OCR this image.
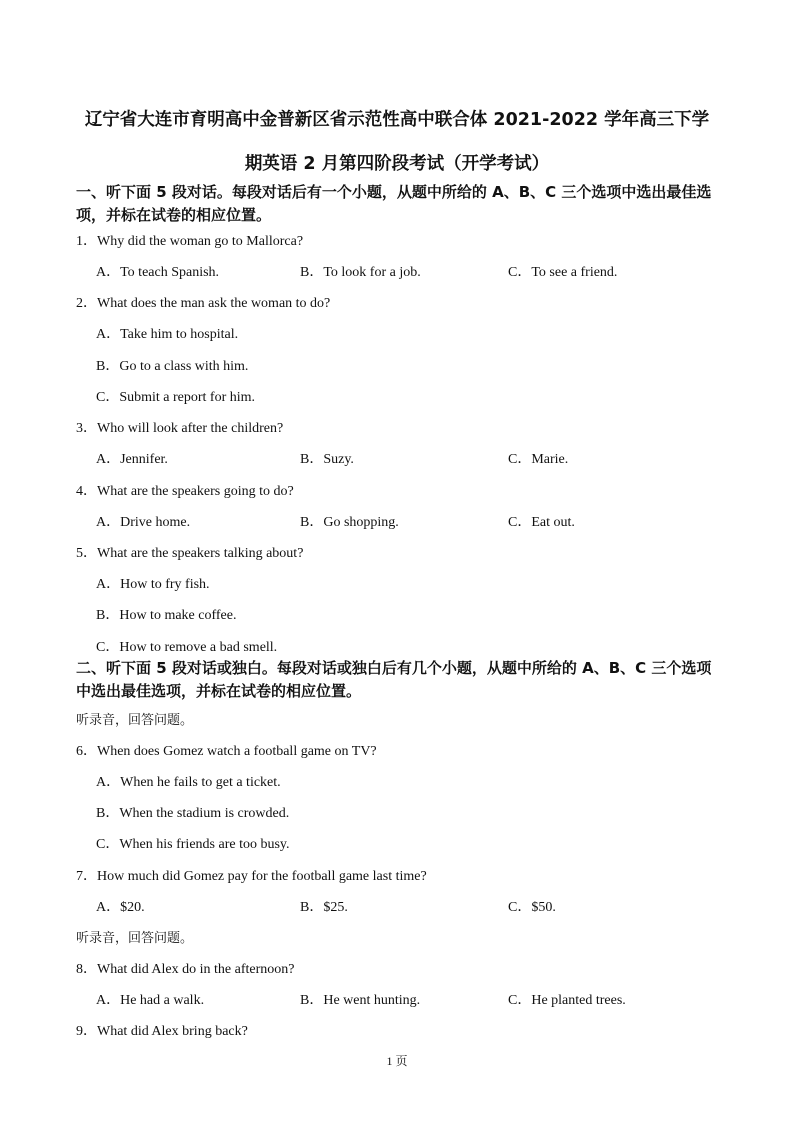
辽宁省大连市育明高中金普新区省示范性高中联合体 2021-2022 学年高三下学
期英语 2 月第四阶段考试（开学考试）
一、听下面 5 段对话。每段对话后有一个小题，从题中所给的 A、B、C 三个选项中选出最佳选项，并标在试卷的相应位置。
1．Why did the woman go to Mallorca?
A．To teach Spanish.	B．To look for a job.	C．To see a friend.
2．What does the man ask the woman to do?
A．Take him to hospital.
B．Go to a class with him.
C．Submit a report for him.
3．Who will look after the children?
A．Jennifer.	B．Suzy.	C．Marie.
4．What are the speakers going to do?
A．Drive home.	B．Go shopping.	C．Eat out.
5．What are the speakers talking about?
A．How to fry fish.
B．How to make coffee.
C．How to remove a bad smell.
二、听下面 5 段对话或独白。每段对话或独白后有几个小题，从题中所给的 A、B、C 三个选项中选出最佳选项，并标在试卷的相应位置。
听录音，回答问题。
6．When does Gomez watch a football game on TV?
A．When he fails to get a ticket.
B．When the stadium is crowded.
C．When his friends are too busy.
7．How much did Gomez pay for the football game last time?
A．$20.	B．$25.	C．$50.
听录音，回答问题。
8．What did Alex do in the afternoon?
A．He had a walk.	B．He went hunting.	C．He planted trees.
9．What did Alex bring back?
1 页
